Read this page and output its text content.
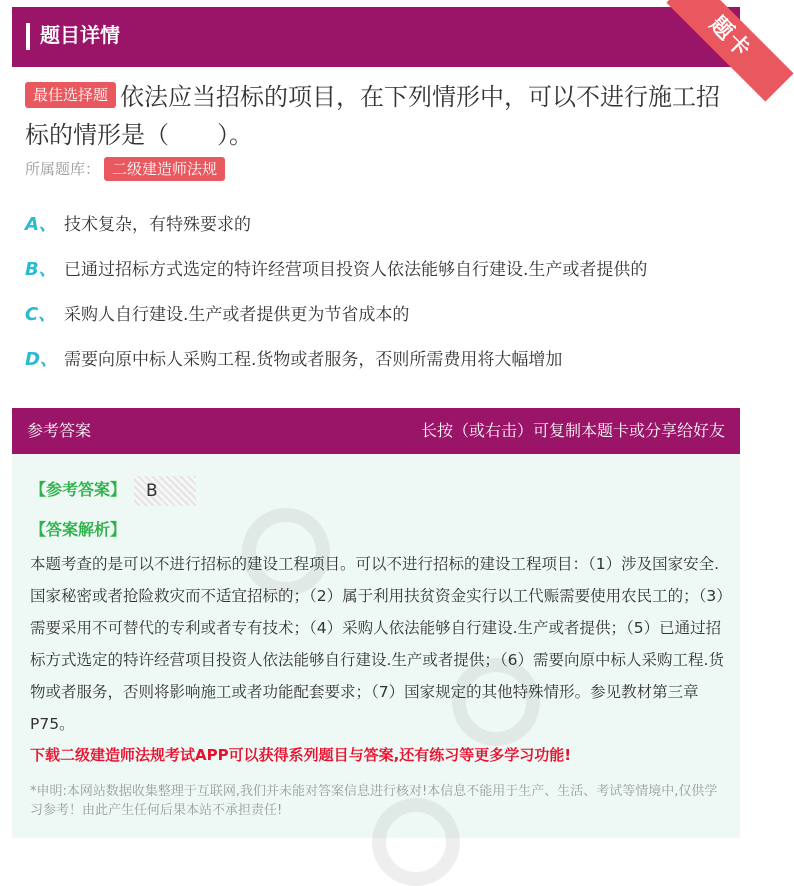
题目详情	题卡
最佳选择题 依法应当招标的项目，在下列情形中，可以不进行施工招标的情形是（　　）。
所属题库： 二级建造师法规
A、 技术复杂，有特殊要求的
B、 已通过招标方式选定的特许经营项目投资人依法能够自行建设.生产或者提供的
C、 采购人自行建设.生产或者提供更为节省成本的
D、 需要向原中标人采购工程.货物或者服务，否则所需费用将大幅增加
参考答案	长按（或右击）可复制本题卡或分享给好友
【参考答案】	B
【答案解析】
本题考查的是可以不进行招标的建设工程项目。可以不进行招标的建设工程项目：（1）涉及国家安全.国家秘密或者抢险救灾而不适宜招标的；（2）属于利用扶贫资金实行以工代赈需要使用农民工的；（3）需要采用不可替代的专利或者专有技术；（4）采购人依法能够自行建设.生产或者提供；（5）已通过招标方式选定的特许经营项目投资人依法能够自行建设.生产或者提供；（6）需要向原中标人采购工程.货物或者服务，否则将影响施工或者功能配套要求；（7）国家规定的其他特殊情形。参见教材第三章P75。
下载二级建造师法规考试APP可以获得系列题目与答案,还有练习等更多学习功能!
*申明:本网站数据收集整理于互联网,我们并未能对答案信息进行核对!本信息不能用于生产、生活、考试等情境中,仅供学习参考！由此产生任何后果本站不承担责任!
